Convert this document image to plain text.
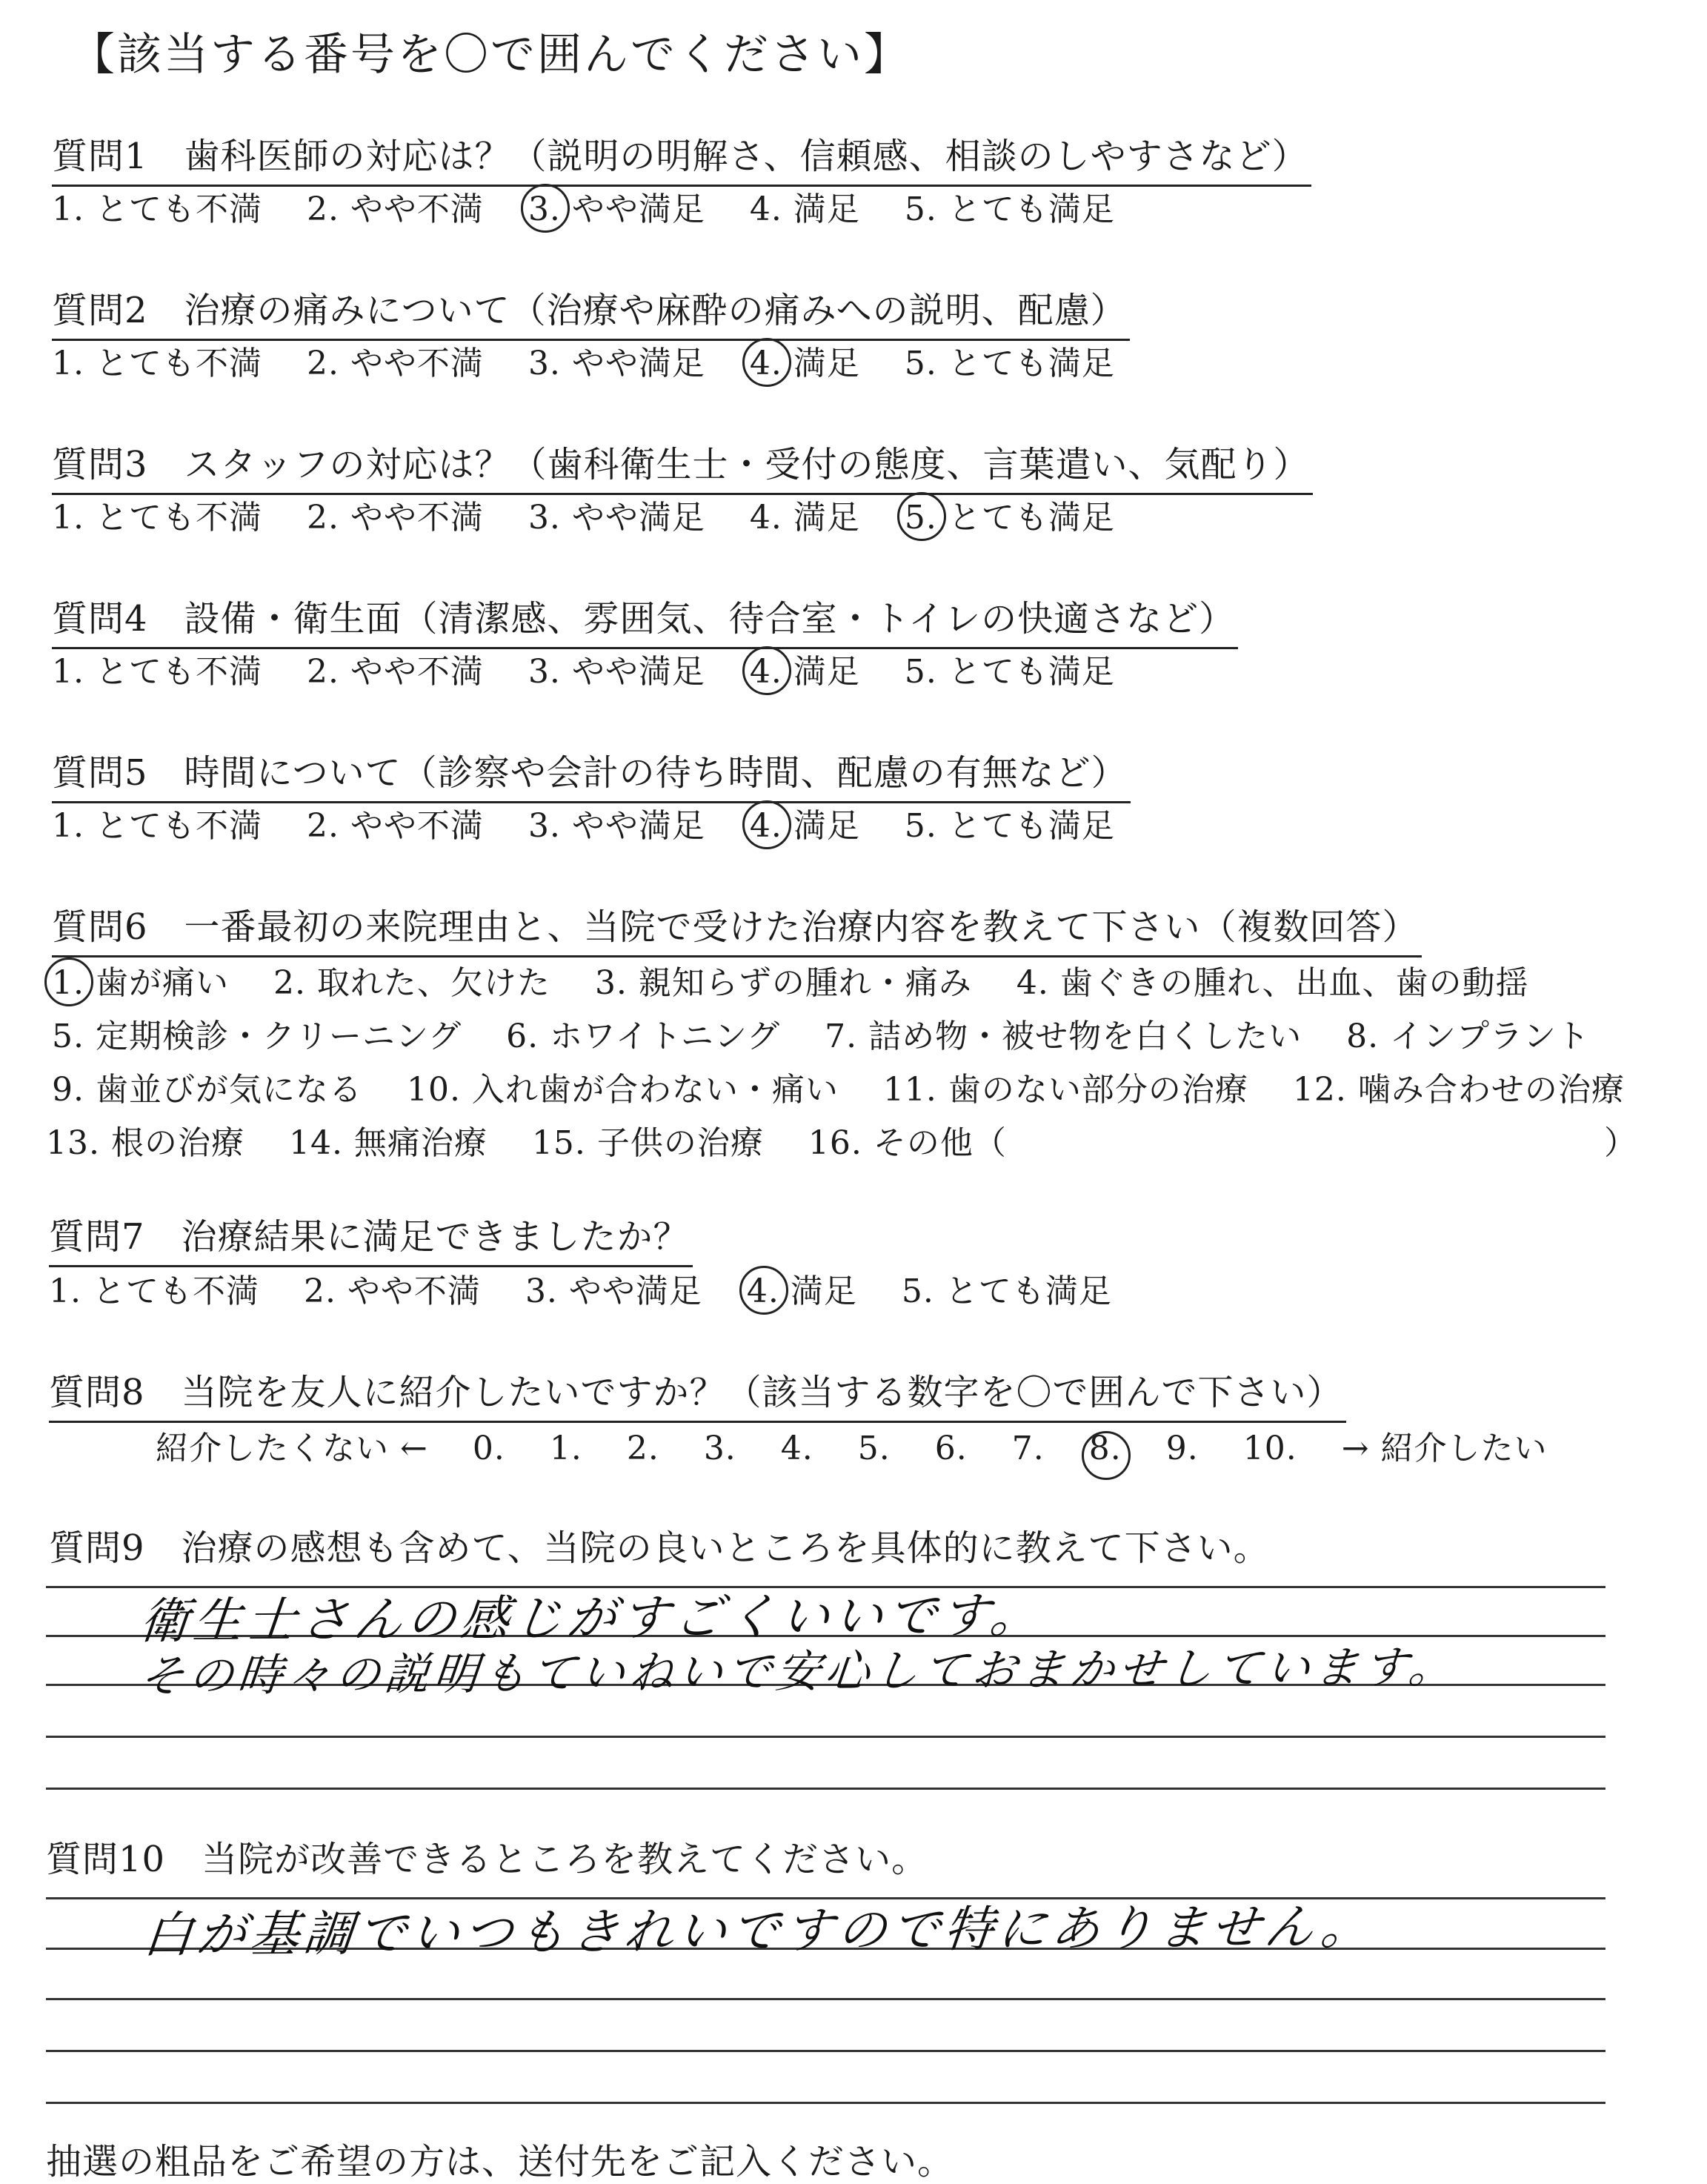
【該当する番号を〇で囲んでください】
質問1　歯科医師の対応は？（説明の明解さ、信頼感、相談のしやすさなど）
1. とても不満　 2. やや不満　 3. やや満足　 4. 満足　 5. とても満足
質問2　治療の痛みについて（治療や麻酔の痛みへの説明、配慮）
1. とても不満　 2. やや不満　 3. やや満足　 4. 満足　 5. とても満足
質問3　スタッフの対応は？（歯科衛生士・受付の態度、言葉遣い、気配り）
1. とても不満　 2. やや不満　 3. やや満足　 4. 満足　 5. とても満足
質問4　設備・衛生面（清潔感、雰囲気、待合室・トイレの快適さなど）
1. とても不満　 2. やや不満　 3. やや満足　 4. 満足　 5. とても満足
質問5　時間について（診察や会計の待ち時間、配慮の有無など）
1. とても不満　 2. やや不満　 3. やや満足　 4. 満足　 5. とても満足
質問6　一番最初の来院理由と、当院で受けた治療内容を教えて下さい（複数回答）
1. 歯が痛い　 2. 取れた、欠けた　 3. 親知らずの腫れ・痛み　 4. 歯ぐきの腫れ、出血、歯の動揺
5. 定期検診・クリーニング　 6. ホワイトニング　 7. 詰め物・被せ物を白くしたい　 8. インプラント
9. 歯並びが気になる　 10. 入れ歯が合わない・痛い　 11. 歯のない部分の治療　 12. 噛み合わせの治療
13. 根の治療　 14. 無痛治療　 15. 子供の治療　 16. その他（	）
質問7　治療結果に満足できましたか？
1. とても不満　 2. やや不満　 3. やや満足　 4. 満足　 5. とても満足
質問8　当院を友人に紹介したいですか？（該当する数字を〇で囲んで下さい）
紹介したくない ←　 0.　 1.　 2.　 3.　 4.　 5.　 6.　 7.　 8.　 9.　 10.　 → 紹介したい
質問9　治療の感想も含めて、当院の良いところを具体的に教えて下さい。
衛生士さんの感じがすごくいいです。
その時々の説明もていねいで安心しておまかせしています。
質問10　当院が改善できるところを教えてください。
白が基調でいつもきれいですので特にありません。
抽選の粗品をご希望の方は、送付先をご記入ください。
